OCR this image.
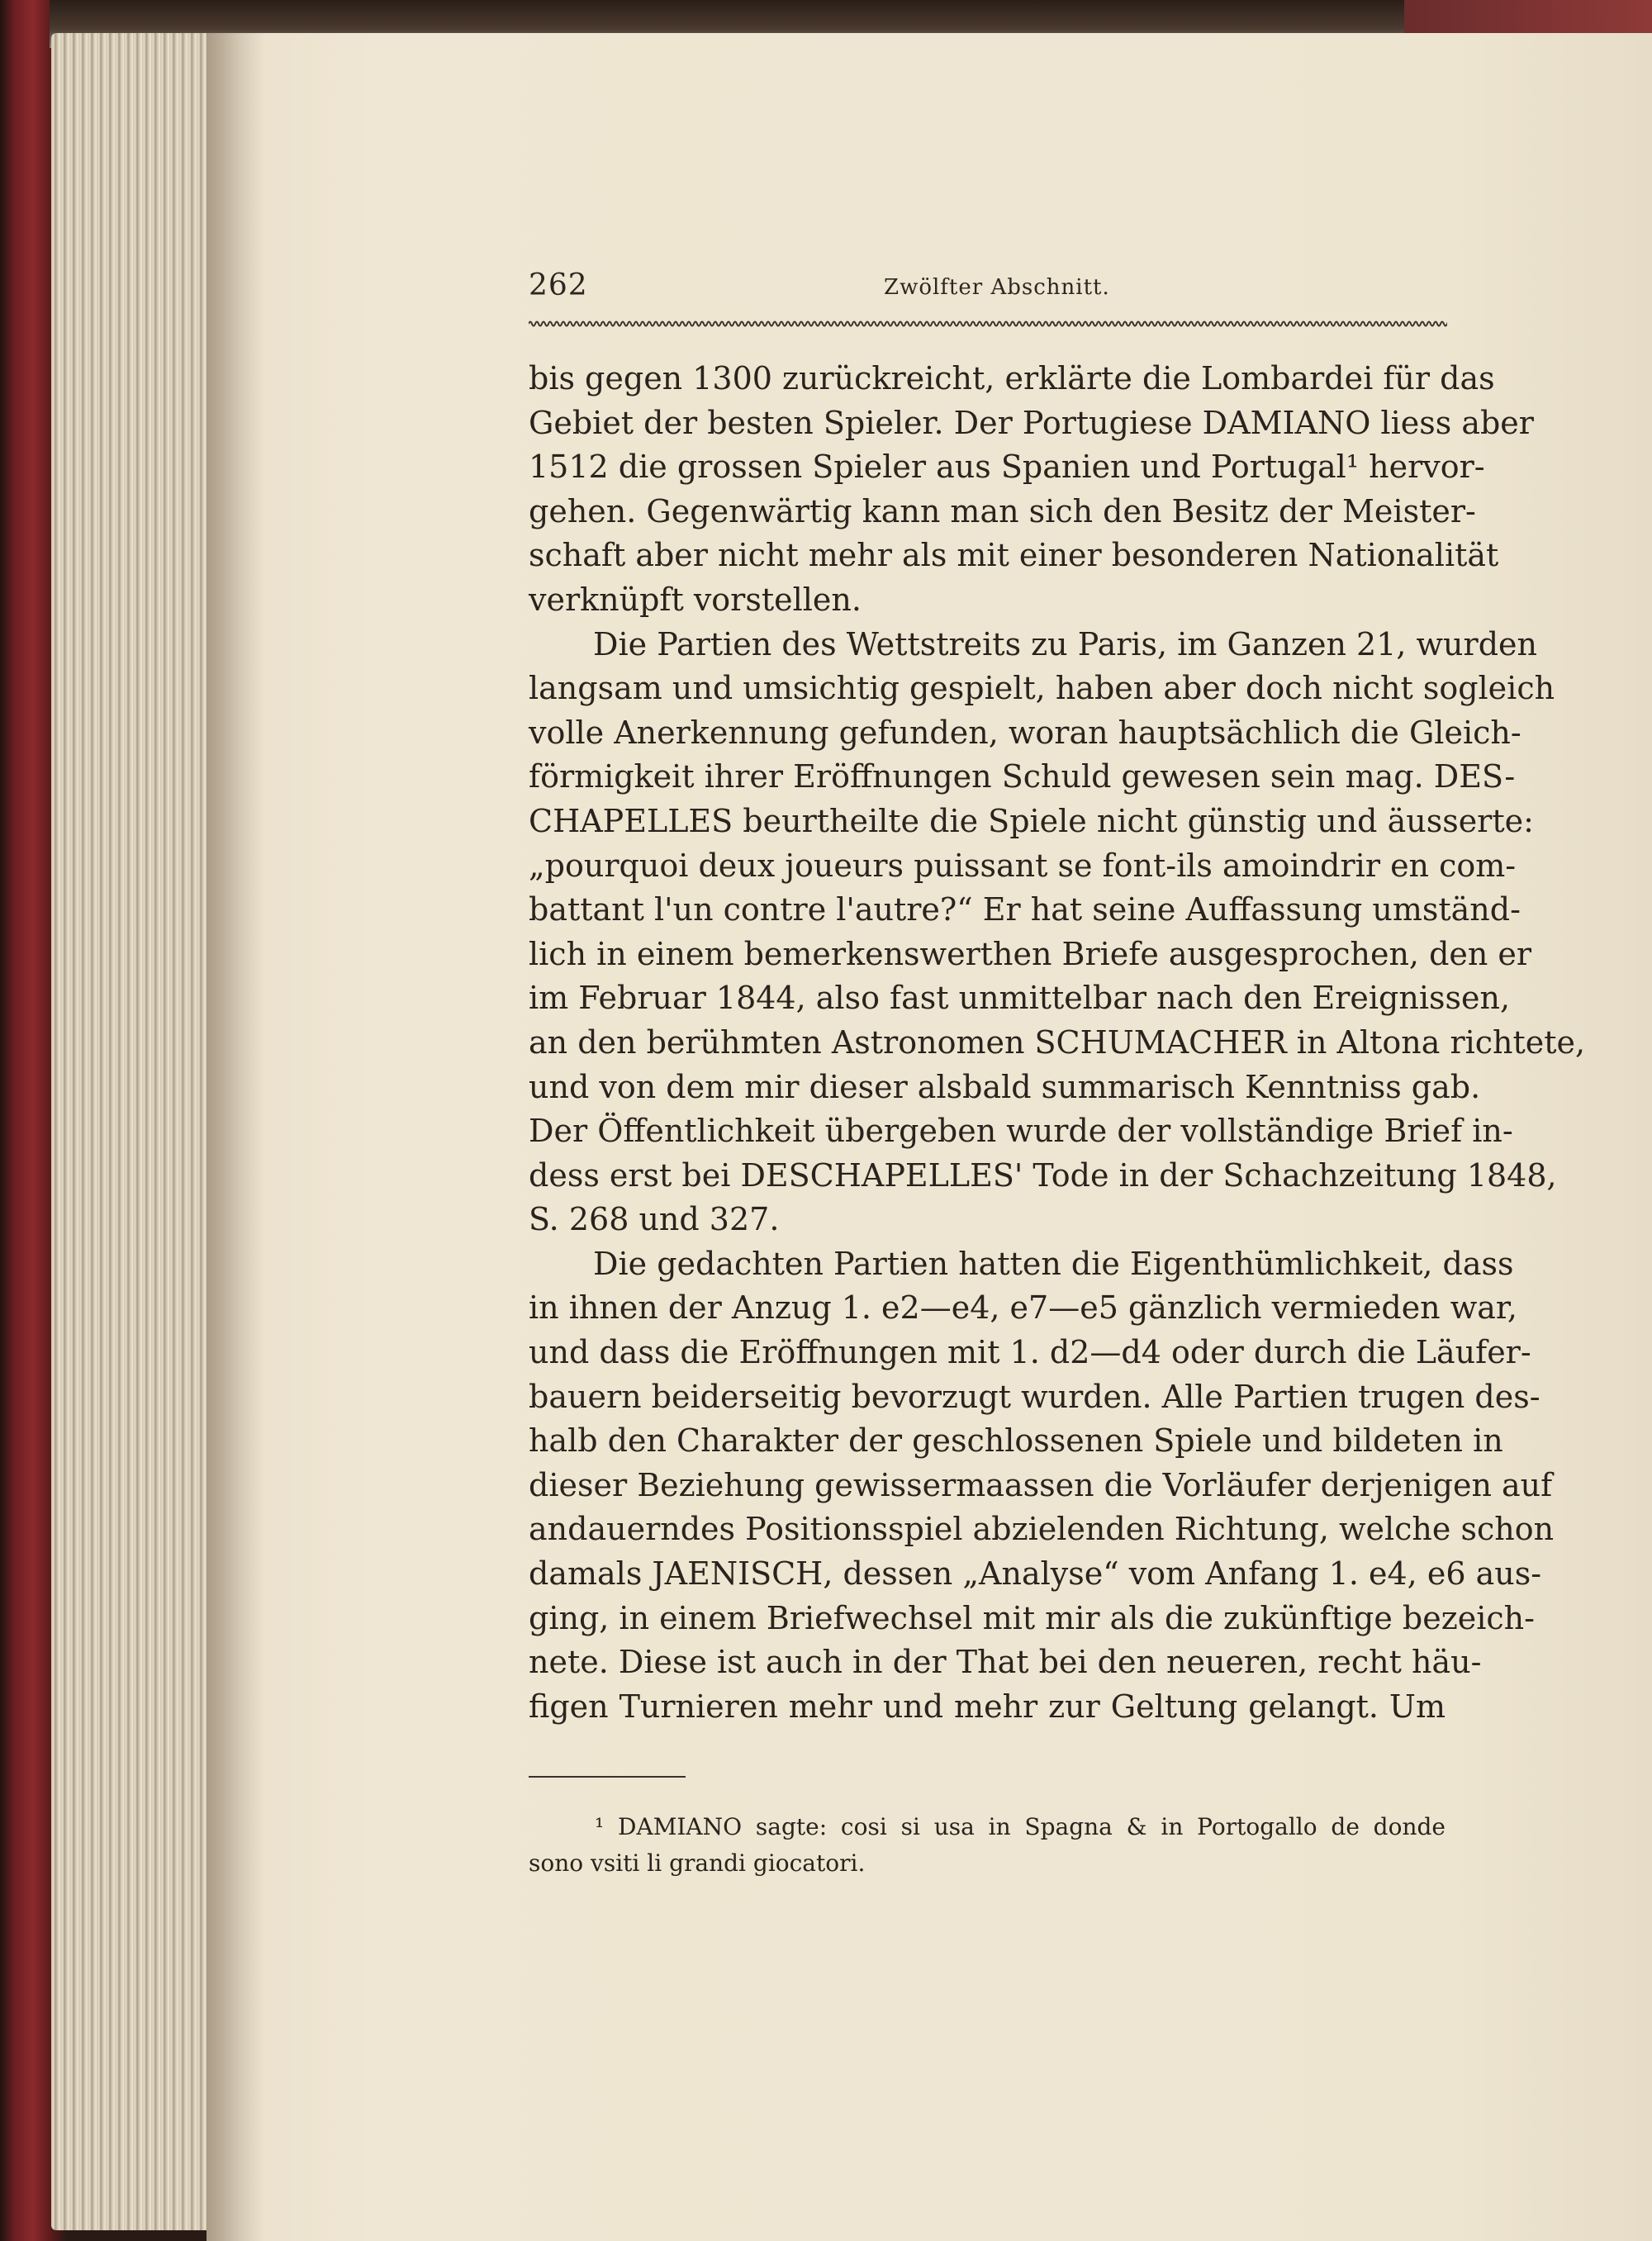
262	Zwölfter Abschnitt.
bis gegen 1300 zurückreicht, erklärte die Lombardei für das
Gebiet der besten Spieler. Der Portugiese DAMIANO liess aber
1512 die grossen Spieler aus Spanien und Portugal¹ hervor-
gehen. Gegenwärtig kann man sich den Besitz der Meister-
schaft aber nicht mehr als mit einer besonderen Nationalität
verknüpft vorstellen.
Die Partien des Wettstreits zu Paris, im Ganzen 21, wurden
langsam und umsichtig gespielt, haben aber doch nicht sogleich
volle Anerkennung gefunden, woran hauptsächlich die Gleich-
förmigkeit ihrer Eröffnungen Schuld gewesen sein mag. DES-
CHAPELLES beurtheilte die Spiele nicht günstig und äusserte:
„pourquoi deux joueurs puissant se font-ils amoindrir en com-
battant l'un contre l'autre?“ Er hat seine Auffassung umständ-
lich in einem bemerkenswerthen Briefe ausgesprochen, den er
im Februar 1844, also fast unmittelbar nach den Ereignissen,
an den berühmten Astronomen SCHUMACHER in Altona richtete,
und von dem mir dieser alsbald summarisch Kenntniss gab.
Der Öffentlichkeit übergeben wurde der vollständige Brief in-
dess erst bei DESCHAPELLES' Tode in der Schachzeitung 1848,
S. 268 und 327.
Die gedachten Partien hatten die Eigenthümlichkeit, dass
in ihnen der Anzug 1. e2—e4, e7—e5 gänzlich vermieden war,
und dass die Eröffnungen mit 1. d2—d4 oder durch die Läufer-
bauern beiderseitig bevorzugt wurden. Alle Partien trugen des-
halb den Charakter der geschlossenen Spiele und bildeten in
dieser Beziehung gewissermaassen die Vorläufer derjenigen auf
andauerndes Positionsspiel abzielenden Richtung, welche schon
damals JAENISCH, dessen „Analyse“ vom Anfang 1. e4, e6 aus-
ging, in einem Briefwechsel mit mir als die zukünftige bezeich-
nete. Diese ist auch in der That bei den neueren, recht häu-
figen Turnieren mehr und mehr zur Geltung gelangt. Um
¹ DAMIANO sagte: cosi si usa in Spagna & in Portogallo de donde
sono vsiti li grandi giocatori.
